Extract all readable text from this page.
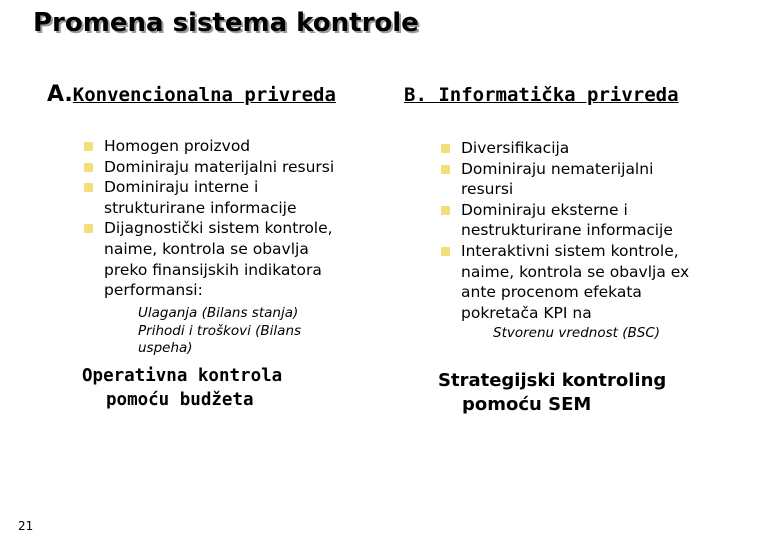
Promena sistema kontrole
A.Konvencionalna privreda	B. Informatička privreda
Homogen proizvod
Dominiraju materijalni resursi
Dominiraju interne i
strukturirane informacije
Dijagnostički sistem kontrole,
naime, kontrola se obavlja
preko finansijskih indikatora
performansi:
Ulaganja (Bilans stanja)
Prihodi i troškovi (Bilans
uspeha)
Diversifikacija
Dominiraju nematerijalni
resursi
Dominiraju eksterne i
nestrukturirane informacije
Interaktivni sistem kontrole,
naime, kontrola se obavlja ex
ante procenom efekata
pokretača KPI na
Stvorenu vrednost (BSC)
Operativna kontrola
pomoću budžeta
Strategijski kontroling
pomoću SEM
21
